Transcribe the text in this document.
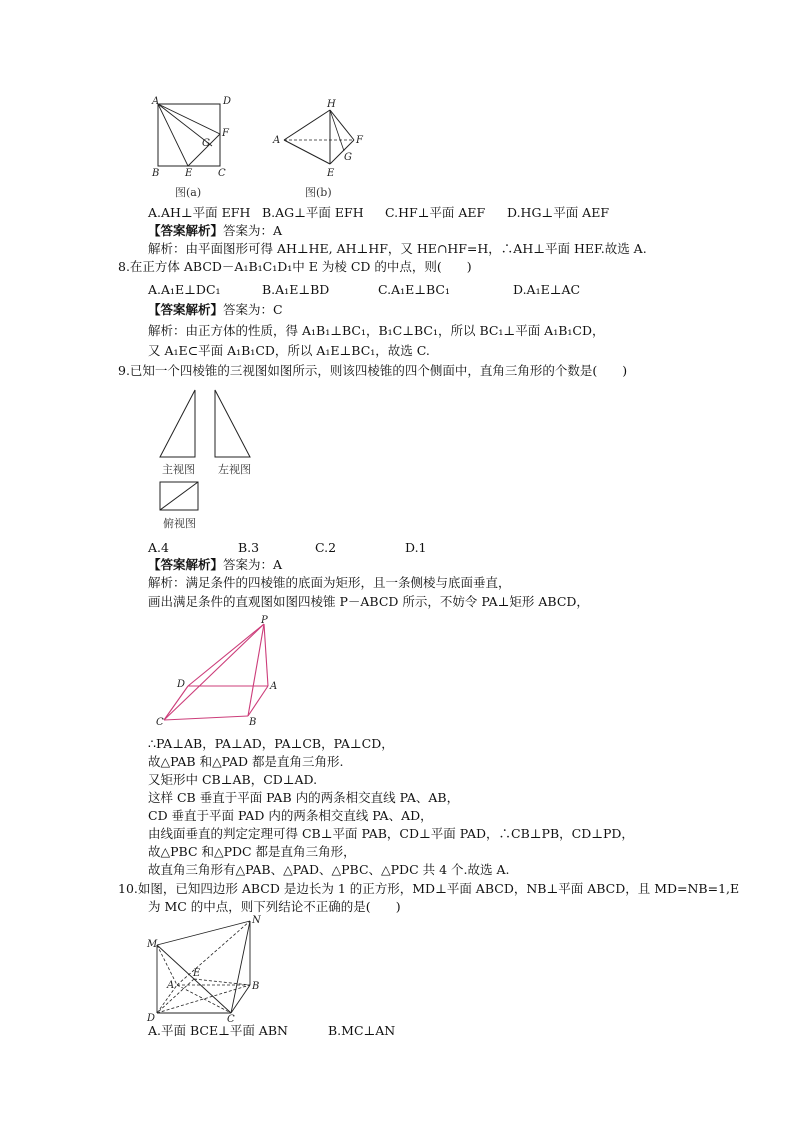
A	D
F
G
B	E	C
图(a)
H
A	F
G
E
图(b)
A.AH⊥平面 EFH B.AG⊥平面 EFH C.HF⊥平面 AEF D.HG⊥平面 AEF
【答案解析】答案为：A
解析：由平面图形可得 AH⊥HE, AH⊥HF，又 HE∩HF=H，∴AH⊥平面 HEF.故选 A.
8.在正方体 ABCD－A₁B₁C₁D₁中 E 为棱 CD 的中点，则(　　)
A.A₁E⊥DC₁	B.A₁E⊥BD	C.A₁E⊥BC₁	D.A₁E⊥AC
【答案解析】答案为：C
解析：由正方体的性质，得 A₁B₁⊥BC₁，B₁C⊥BC₁，所以 BC₁⊥平面 A₁B₁CD，
又 A₁E⊂平面 A₁B₁CD，所以 A₁E⊥BC₁，故选 C.
9.已知一个四棱锥的三视图如图所示，则该四棱锥的四个侧面中，直角三角形的个数是(　　)
主视图 左视图
俯视图
A.4	B.3	C.2	D.1
【答案解析】答案为：A
解析：满足条件的四棱锥的底面为矩形，且一条侧棱与底面垂直，
画出满足条件的直观图如图四棱锥 P－ABCD 所示，不妨令 PA⊥矩形 ABCD，
P
D	A
C	B
∴PA⊥AB，PA⊥AD，PA⊥CB，PA⊥CD，
故△PAB 和△PAD 都是直角三角形.
又矩形中 CB⊥AB，CD⊥AD.
这样 CB 垂直于平面 PAB 内的两条相交直线 PA、AB，
CD 垂直于平面 PAD 内的两条相交直线 PA、AD，
由线面垂直的判定定理可得 CB⊥平面 PAB，CD⊥平面 PAD，∴CB⊥PB，CD⊥PD，
故△PBC 和△PDC 都是直角三角形，
故直角三角形有△PAB、△PAD、△PBC、△PDC 共 4 个.故选 A.
10.如图，已知四边形 ABCD 是边长为 1 的正方形，MD⊥平面 ABCD，NB⊥平面 ABCD，且 MD=NB=1,E
为 MC 的中点，则下列结论不正确的是(　　)
M
N
E
A	B
D	C
A.平面 BCE⊥平面 ABN	B.MC⊥AN
